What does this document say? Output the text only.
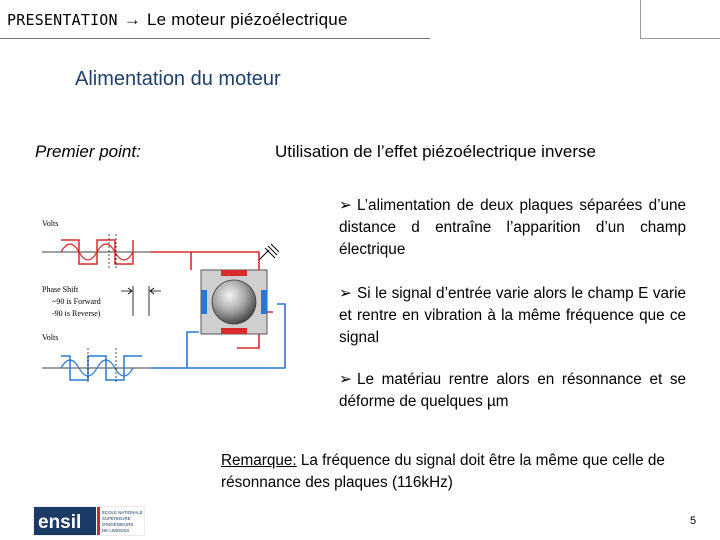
PRESENTATION → Le moteur piézoélectrique
Alimentation du moteur
Premier point:	Utilisation de l’effet piézoélectrique inverse
➢ L’alimentation de deux plaques séparées d’une distance d entraîne l’apparition d’un champ électrique
➢ Si le signal d’entrée varie alors le champ E varie et rentre en vibration à la même fréquence que ce signal
➢ Le matériau rentre alors en résonnance et se déforme de quelques µm
Remarque: La fréquence du signal doit être la même que celle de résonnance des plaques (116kHz)
Volts
Phase Shift
~90 is Forward
-90 is Reverse)
Volts
ensil	ÉCOLE NATIONALE
SUPÉRIEURE
D'INGÉNIEURS
DE LIMOGES
5
